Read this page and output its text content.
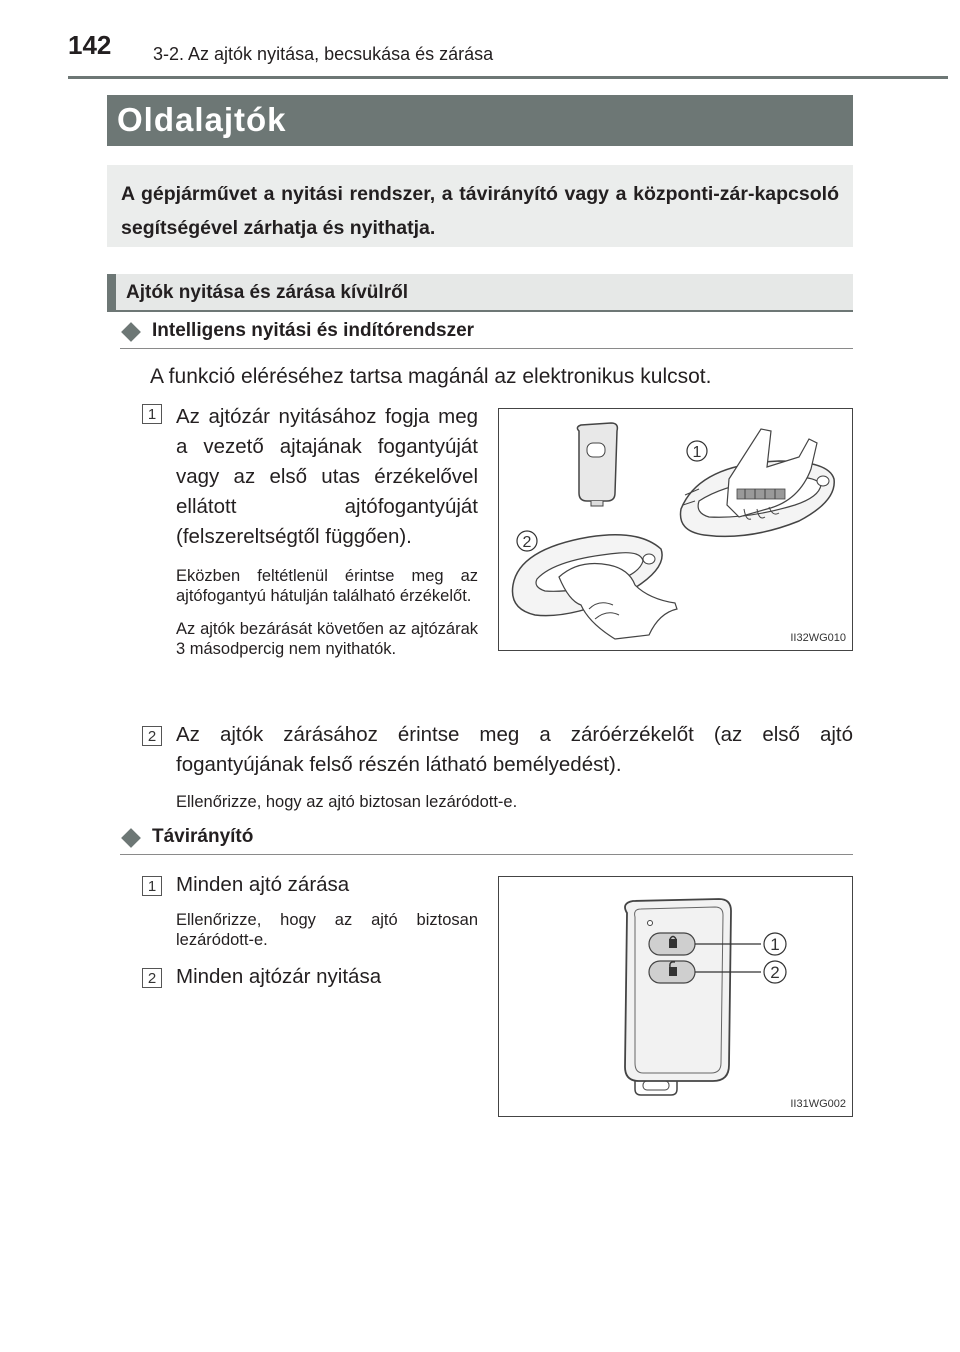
142 3-2. Az ajtók nyitása, becsukása és zárása
Oldalajtók

A gépjárművet a nyitási rendszer, a távirányító vagy a központi-zár-kapcsoló segítségével zárhatja és nyithatja.

Ajtók nyitása és zárása kívülről
Intelligens nyitási és indítórendszer
A funkció eléréséhez tartsa magánál az elektronikus kulcsot.
1 Az ajtózár nyitásához fogja meg a vezető ajtajának fogantyúját vagy az első utas érzékelővel ellátott ajtófogantyúját (felszereltségtől függően).

Eközben feltétlenül érintse meg az ajtófogantyú hátulján található érzékelőt.

Az ajtók bezárását követően az ajtózárak 3 másodpercig nem nyithatók.

1
2
II32WG010
2 Az ajtók zárásához érintse meg a záróérzékelőt (az első ajtó fogantyújának felső részén látható bemélyedést).

Ellenőrizze, hogy az ajtó biztosan lezáródott-e.

Távirányító
1 Minden ajtó zárása

Ellenőrizze, hogy az ajtó biztosan lezáródott-e.

2 Minden ajtózár nyitása

1
2
II31WG002
